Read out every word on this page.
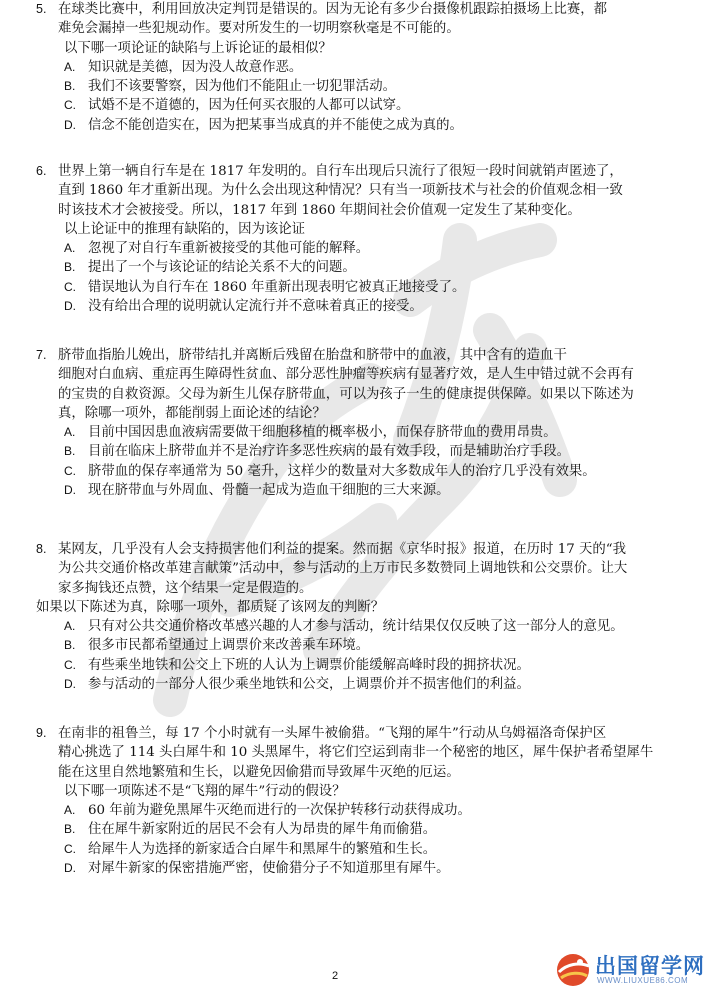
5. 在球类比赛中，利用回放决定判罚是错误的。因为无论有多少台摄像机跟踪拍摄场上比赛，都
难免会漏掉一些犯规动作。要对所发生的一切明察秋毫是不可能的。
以下哪一项论证的缺陷与上诉论证的最相似？
A. 知识就是美德，因为没人故意作恶。
B. 我们不该要警察，因为他们不能阻止一切犯罪活动。
C. 试婚不是不道德的，因为任何买衣服的人都可以试穿。
D. 信念不能创造实在，因为把某事当成真的并不能使之成为真的。
6. 世界上第一辆自行车是在 1817 年发明的。自行车出现后只流行了很短一段时间就销声匿迹了，
直到 1860 年才重新出现。为什么会出现这种情况？只有当一项新技术与社会的价值观念相一致
时该技术才会被接受。所以，1817 年到 1860 年期间社会价值观一定发生了某种变化。
以上论证中的推理有缺陷的，因为该论证
A. 忽视了对自行车重新被接受的其他可能的解释。
B. 提出了一个与该论证的结论关系不大的问题。
C. 错误地认为自行车在 1860 年重新出现表明它被真正地接受了。
D. 没有给出合理的说明就认定流行并不意味着真正的接受。
7. 脐带血指胎儿娩出，脐带结扎并离断后残留在胎盘和脐带中的血液，其中含有的造血干
细胞对白血病、重症再生障碍性贫血、部分恶性肿瘤等疾病有显著疗效，是人生中错过就不会再有
的宝贵的自救资源。父母为新生儿保存脐带血，可以为孩子一生的健康提供保障。如果以下陈述为
真，除哪一项外，都能削弱上面论述的结论？
A. 目前中国因患血液病需要做干细胞移植的概率极小，而保存脐带血的费用昂贵。
B. 目前在临床上脐带血并不是治疗许多恶性疾病的最有效手段，而是辅助治疗手段。
C. 脐带血的保存率通常为 50 毫升，这样少的数量对大多数成年人的治疗几乎没有效果。
D. 现在脐带血与外周血、骨髓一起成为造血干细胞的三大来源。
8. 某网友，几乎没有人会支持损害他们利益的提案。然而据《京华时报》报道，在历时 17 天的“我
为公共交通价格改革建言献策”活动中，参与活动的上万市民多数赞同上调地铁和公交票价。让大
家多掏钱还点赞，这个结果一定是假造的。
如果以下陈述为真，除哪一项外，都质疑了该网友的判断？
A. 只有对公共交通价格改革感兴趣的人才参与活动，统计结果仅仅反映了这一部分人的意见。
B. 很多市民都希望通过上调票价来改善乘车环境。
C. 有些乘坐地铁和公交上下班的人认为上调票价能缓解高峰时段的拥挤状况。
D. 参与活动的一部分人很少乘坐地铁和公交，上调票价并不损害他们的利益。
9. 在南非的祖鲁兰，每 17 个小时就有一头犀牛被偷猎。“飞翔的犀牛”行动从乌姆福洛奇保护区
精心挑选了 114 头白犀牛和 10 头黑犀牛，将它们空运到南非一个秘密的地区，犀牛保护者希望犀牛
能在这里自然地繁殖和生长，以避免因偷猎而导致犀牛灭绝的厄运。
以下哪一项陈述不是“飞翔的犀牛”行动的假设？
A. 60 年前为避免黑犀牛灭绝而进行的一次保护转移行动获得成功。
B. 住在犀牛新家附近的居民不会有人为昂贵的犀牛角而偷猎。
C. 给犀牛人为选择的新家适合白犀牛和黑犀牛的繁殖和生长。
D. 对犀牛新家的保密措施严密，使偷猎分子不知道那里有犀牛。
2	出国留学网
WWW.LIUXUE86.COM
